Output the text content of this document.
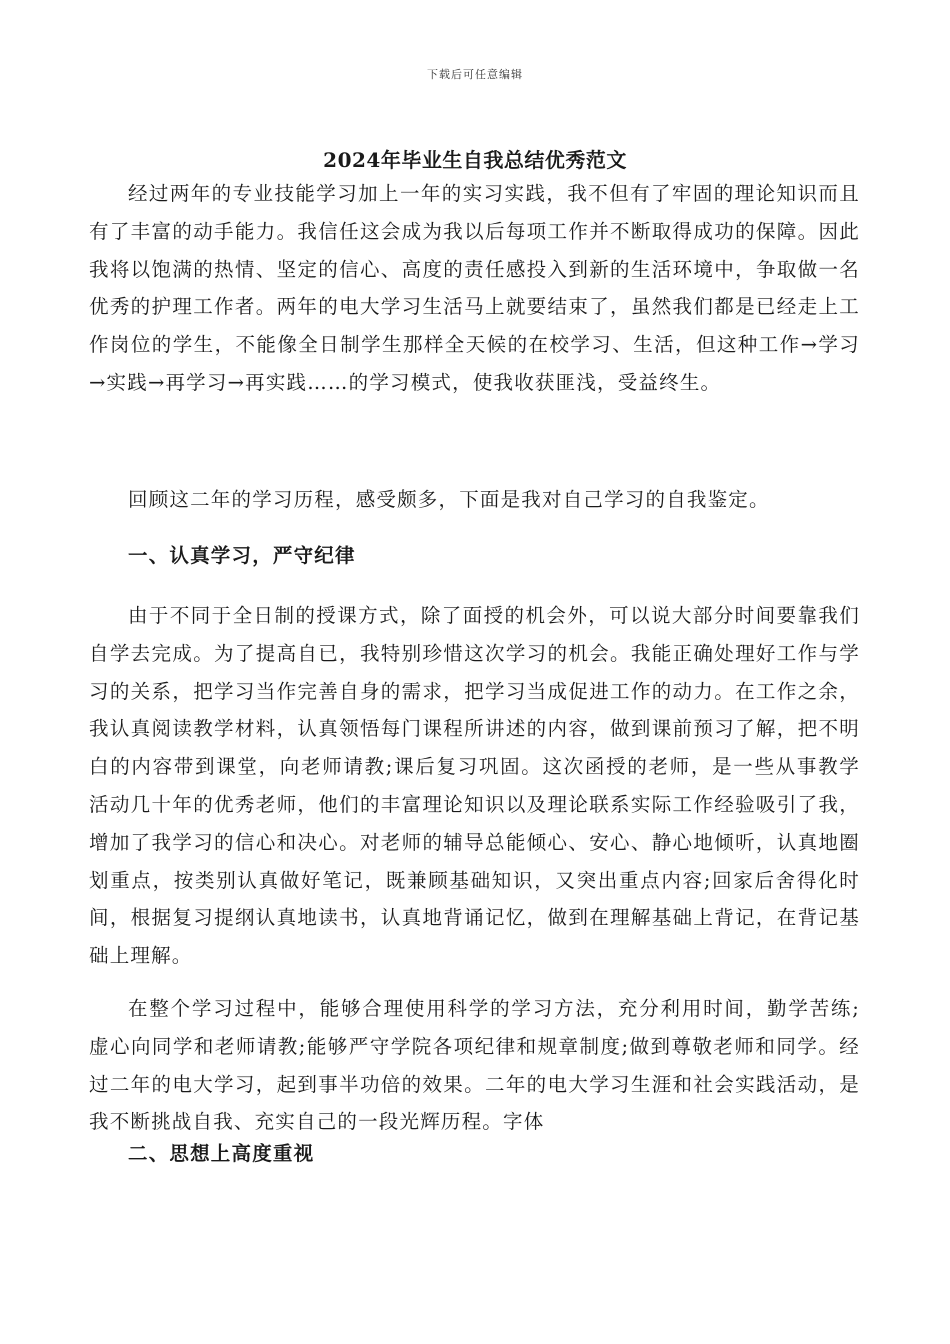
下载后可任意编辑
2024年毕业生自我总结优秀范文

经过两年的专业技能学习加上一年的实习实践，我不但有了牢固的理论知识而且有了丰富的动手能力。我信任这会成为我以后每项工作并不断取得成功的保障。因此我将以饱满的热情、坚定的信心、高度的责任感投入到新的生活环境中，争取做一名优秀的护理工作者。两年的电大学习生活马上就要结束了，虽然我们都是已经走上工作岗位的学生，不能像全日制学生那样全天候的在校学习、生活，但这种工作→学习→实践→再学习→再实践……的学习模式，使我收获匪浅，受益终生。

回顾这二年的学习历程，感受颇多，下面是我对自己学习的自我鉴定。

一、认真学习，严守纪律

由于不同于全日制的授课方式，除了面授的机会外，可以说大部分时间要靠我们自学去完成。为了提高自已，我特别珍惜这次学习的机会。我能正确处理好工作与学习的关系，把学习当作完善自身的需求，把学习当成促进工作的动力。在工作之余，我认真阅读教学材料，认真领悟每门课程所讲述的内容，做到课前预习了解，把不明白的内容带到课堂，向老师请教;课后复习巩固。这次函授的老师，是一些从事教学活动几十年的优秀老师，他们的丰富理论知识以及理论联系实际工作经验吸引了我，增加了我学习的信心和决心。对老师的辅导总能倾心、安心、静心地倾听，认真地圈划重点，按类别认真做好笔记，既兼顾基础知识，又突出重点内容;回家后舍得化时间，根据复习提纲认真地读书，认真地背诵记忆，做到在理解基础上背记，在背记基础上理解。

在整个学习过程中，能够合理使用科学的学习方法，充分利用时间，勤学苦练;虚心向同学和老师请教;能够严守学院各项纪律和规章制度;做到尊敬老师和同学。经过二年的电大学习，起到事半功倍的效果。二年的电大学习生涯和社会实践活动，是我不断挑战自我、充实自己的一段光辉历程。字体

二、思想上高度重视
